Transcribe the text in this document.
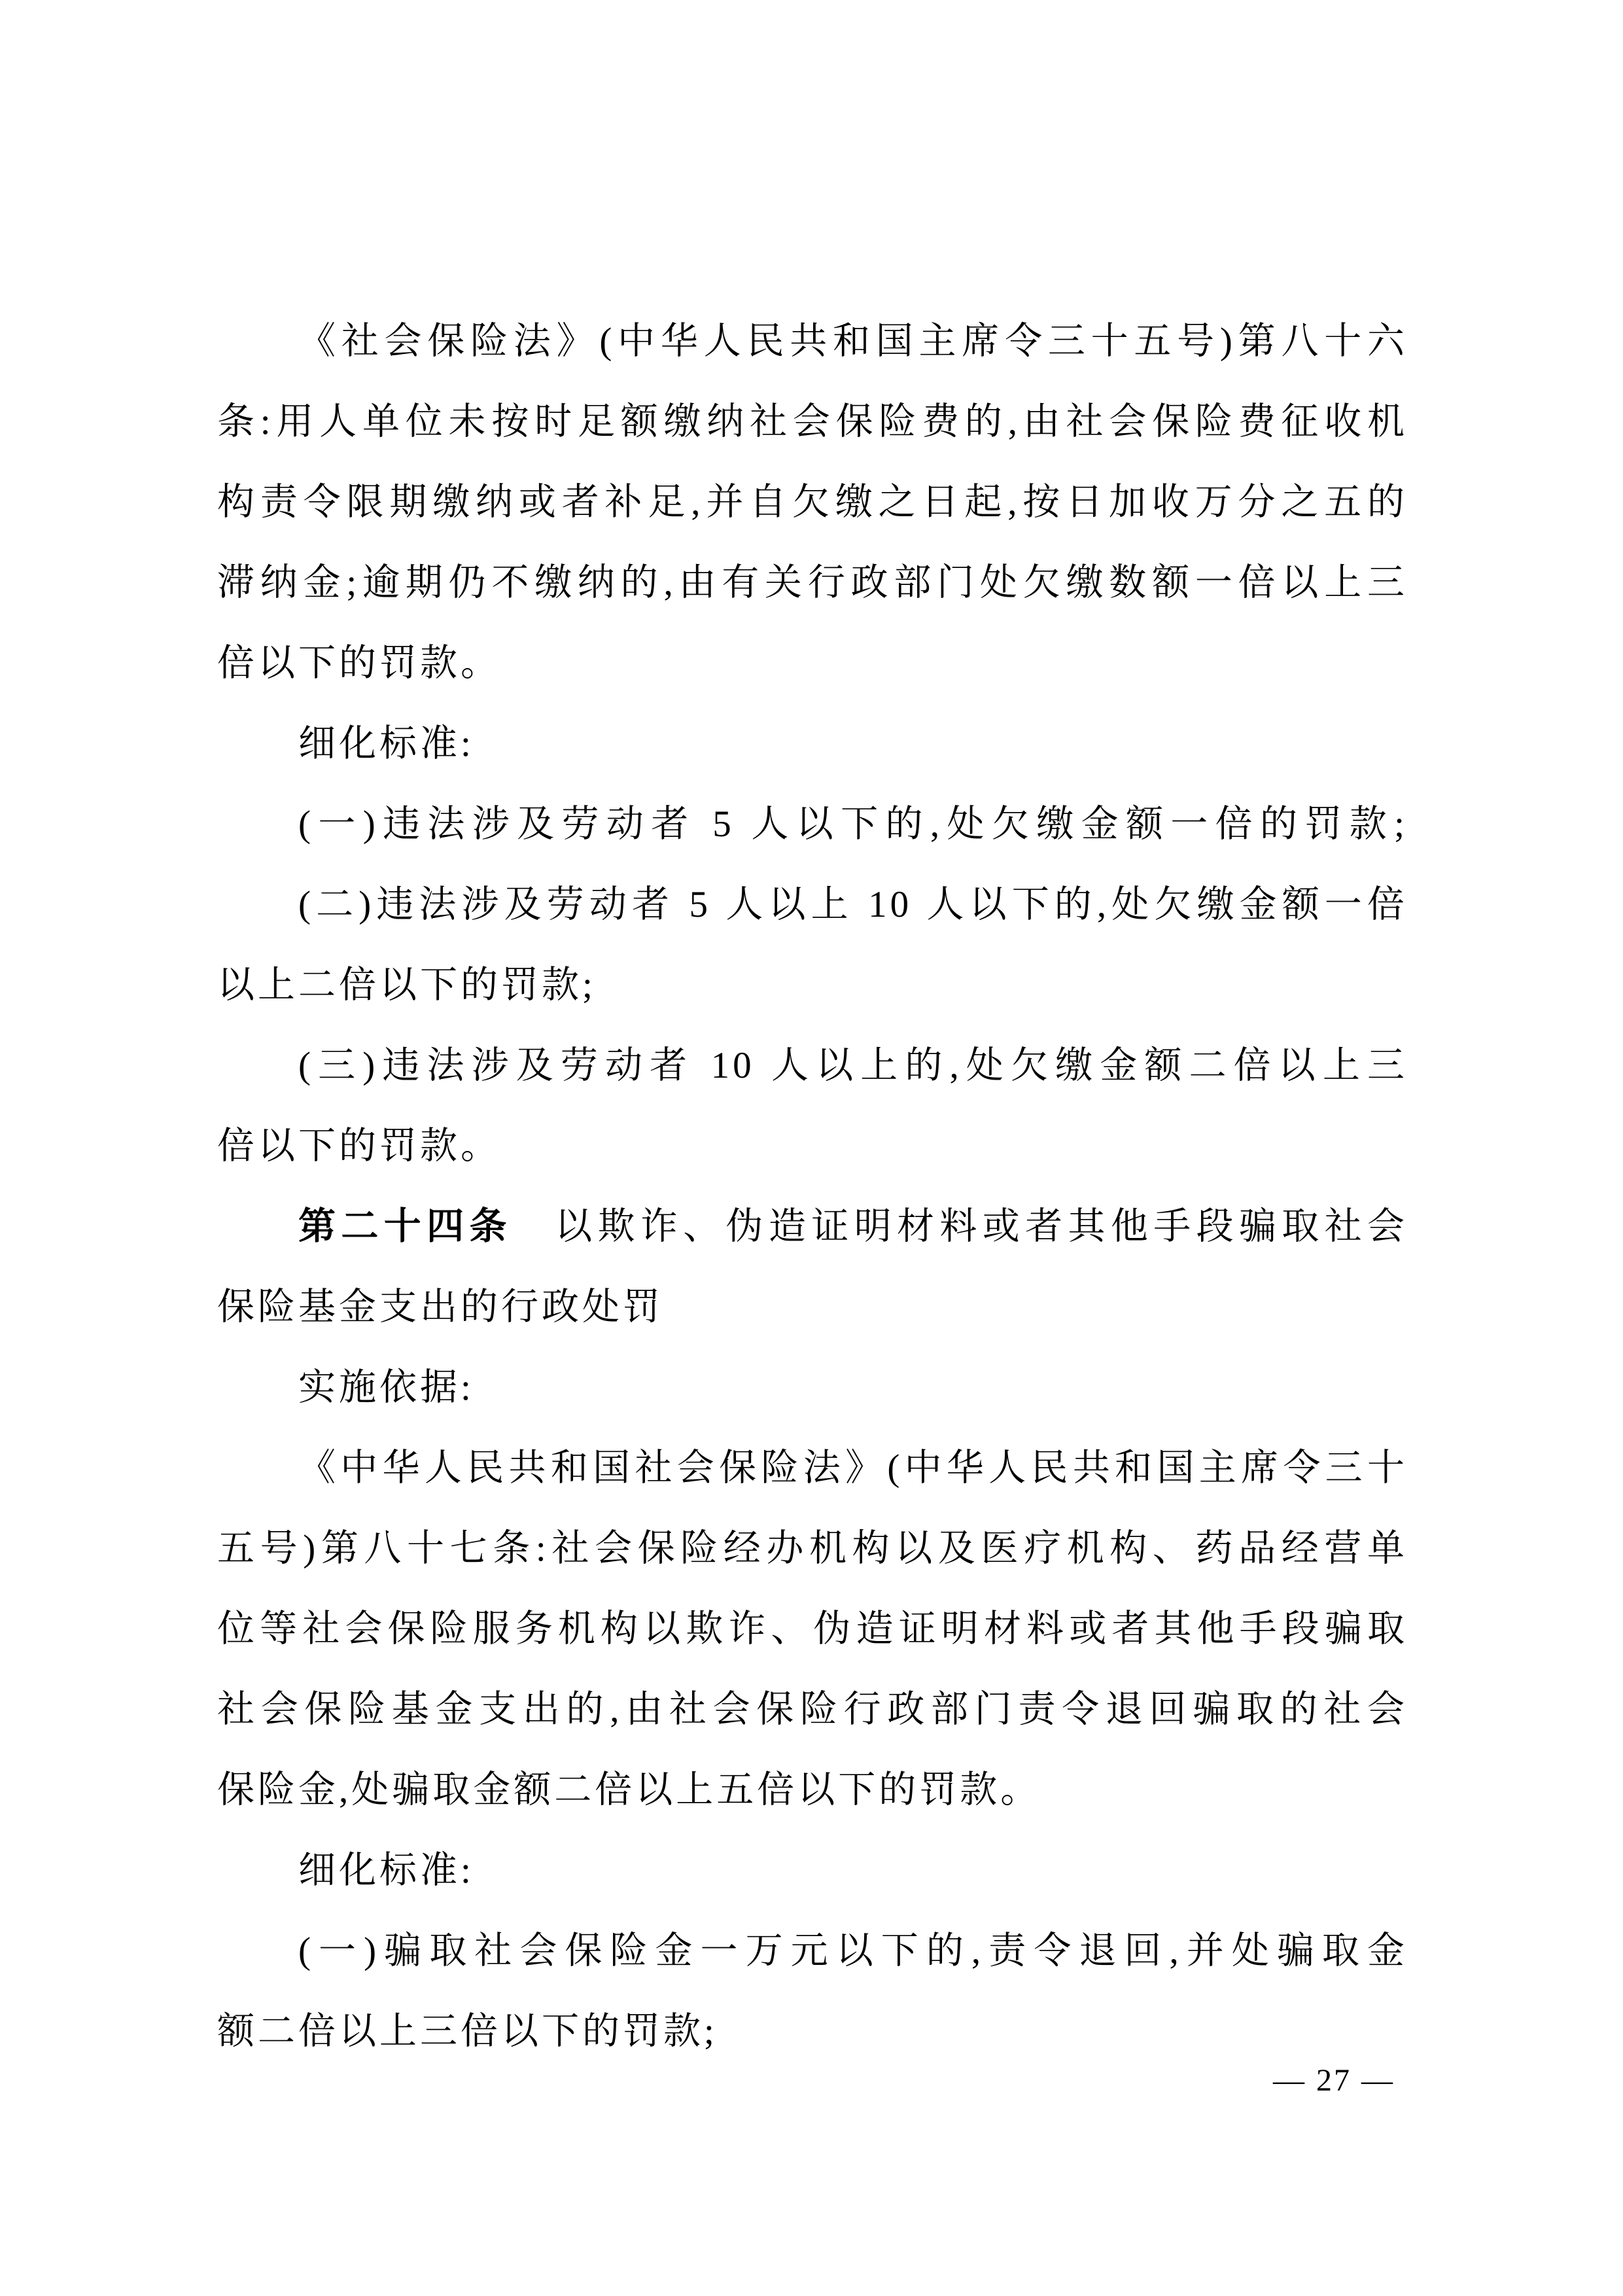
《社会保险法》(中华人民共和国主席令三十五号)第八十六
条:用人单位未按时足额缴纳社会保险费的,由社会保险费征收机
构责令限期缴纳或者补足,并自欠缴之日起,按日加收万分之五的
滞纳金;逾期仍不缴纳的,由有关行政部门处欠缴数额一倍以上三
倍以下的罚款。
细化标准:
(一)违法涉及劳动者 5 人以下的,处欠缴金额一倍的罚款;
(二)违法涉及劳动者 5 人以上 10 人以下的,处欠缴金额一倍
以上二倍以下的罚款;
(三)违法涉及劳动者 10 人以上的,处欠缴金额二倍以上三
倍以下的罚款。
第二十四条　以欺诈、伪造证明材料或者其他手段骗取社会
保险基金支出的行政处罚
实施依据:
《中华人民共和国社会保险法》(中华人民共和国主席令三十
五号)第八十七条:社会保险经办机构以及医疗机构、药品经营单
位等社会保险服务机构以欺诈、伪造证明材料或者其他手段骗取
社会保险基金支出的,由社会保险行政部门责令退回骗取的社会
保险金,处骗取金额二倍以上五倍以下的罚款。
细化标准:
(一)骗取社会保险金一万元以下的,责令退回,并处骗取金
额二倍以上三倍以下的罚款;
— 27 —
